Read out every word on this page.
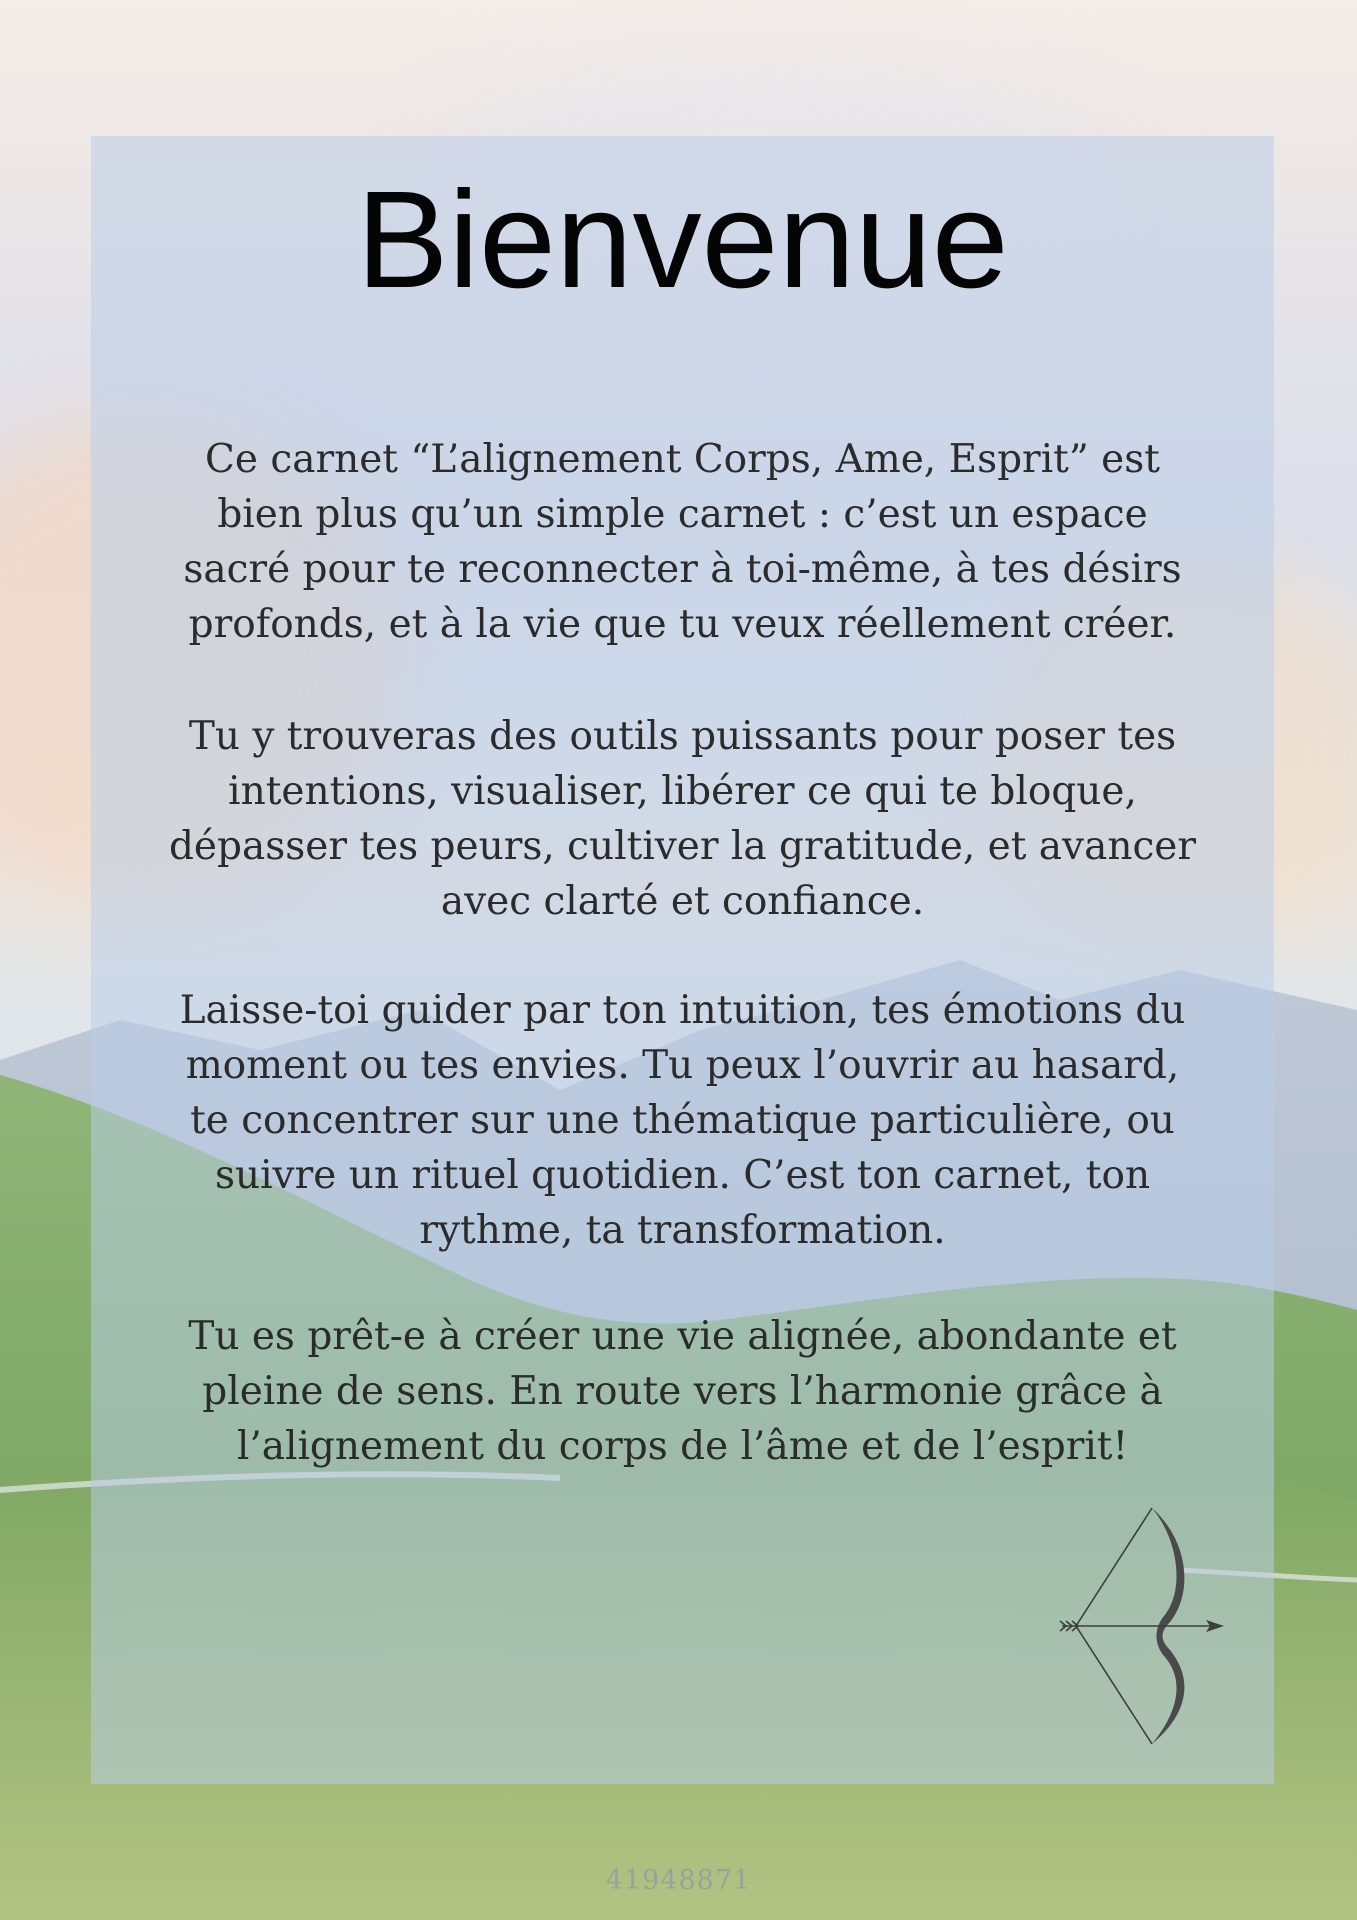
Bienvenue

Ce carnet “L’alignement Corps, Ame, Esprit” est
bien plus qu’un simple carnet : c’est un espace
sacré pour te reconnecter à toi-même, à tes désirs
profonds, et à la vie que tu veux réellement créer.

Tu y trouveras des outils puissants pour poser tes
intentions, visualiser, libérer ce qui te bloque,
dépasser tes peurs, cultiver la gratitude, et avancer
avec clarté et confiance.

Laisse-toi guider par ton intuition, tes émotions du
moment ou tes envies. Tu peux l’ouvrir au hasard,
te concentrer sur une thématique particulière, ou
suivre un rituel quotidien. C’est ton carnet, ton
rythme, ta transformation.

Tu es prêt-e à créer une vie alignée, abondante et
pleine de sens. En route vers l’harmonie grâce à
l’alignement du corps de l’âme et de l’esprit!

41948871
